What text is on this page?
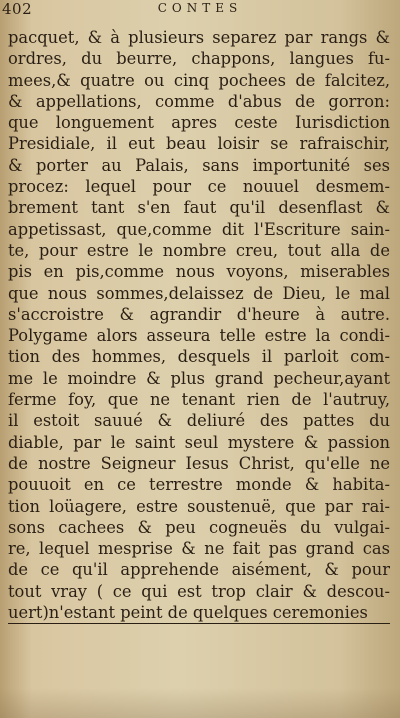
402	CONTES
pacquet, & à plusieurs separez par rangs &
ordres, du beurre, chappons, langues fu-
mees,& quatre ou cinq pochees de falcitez,
& appellations, comme d'abus de gorron:
que longuement apres ceste Iurisdiction
Presidiale, il eut beau loisir se rafraischir,
& porter au Palais, sans importunité ses
procez: lequel pour ce nouuel desmem-
brement tant s'en faut qu'il desenflast &
appetissast, que,comme dit l'Escriture sain-
te, pour estre le nombre creu, tout alla de
pis en pis,comme nous voyons, miserables
que nous sommes,delaissez de Dieu, le mal
s'accroistre & agrandir d'heure à autre.
Polygame alors asseura telle estre la condi-
tion des hommes, desquels il parloit com-
me le moindre & plus grand pecheur,ayant
ferme foy, que ne tenant rien de l'autruy,
il estoit sauué & deliuré des pattes du
diable, par le saint seul mystere & passion
de nostre Seigneur Iesus Christ, qu'elle ne
pouuoit en ce terrestre monde & habita-
tion loüagere, estre soustenuë, que par rai-
sons cachees & peu cogneuës du vulgai-
re, lequel mesprise & ne fait pas grand cas
de ce qu'il apprehende aisément, & pour
tout vray ( ce qui est trop clair & descou-
uert)n'estant peint de quelques ceremonies
